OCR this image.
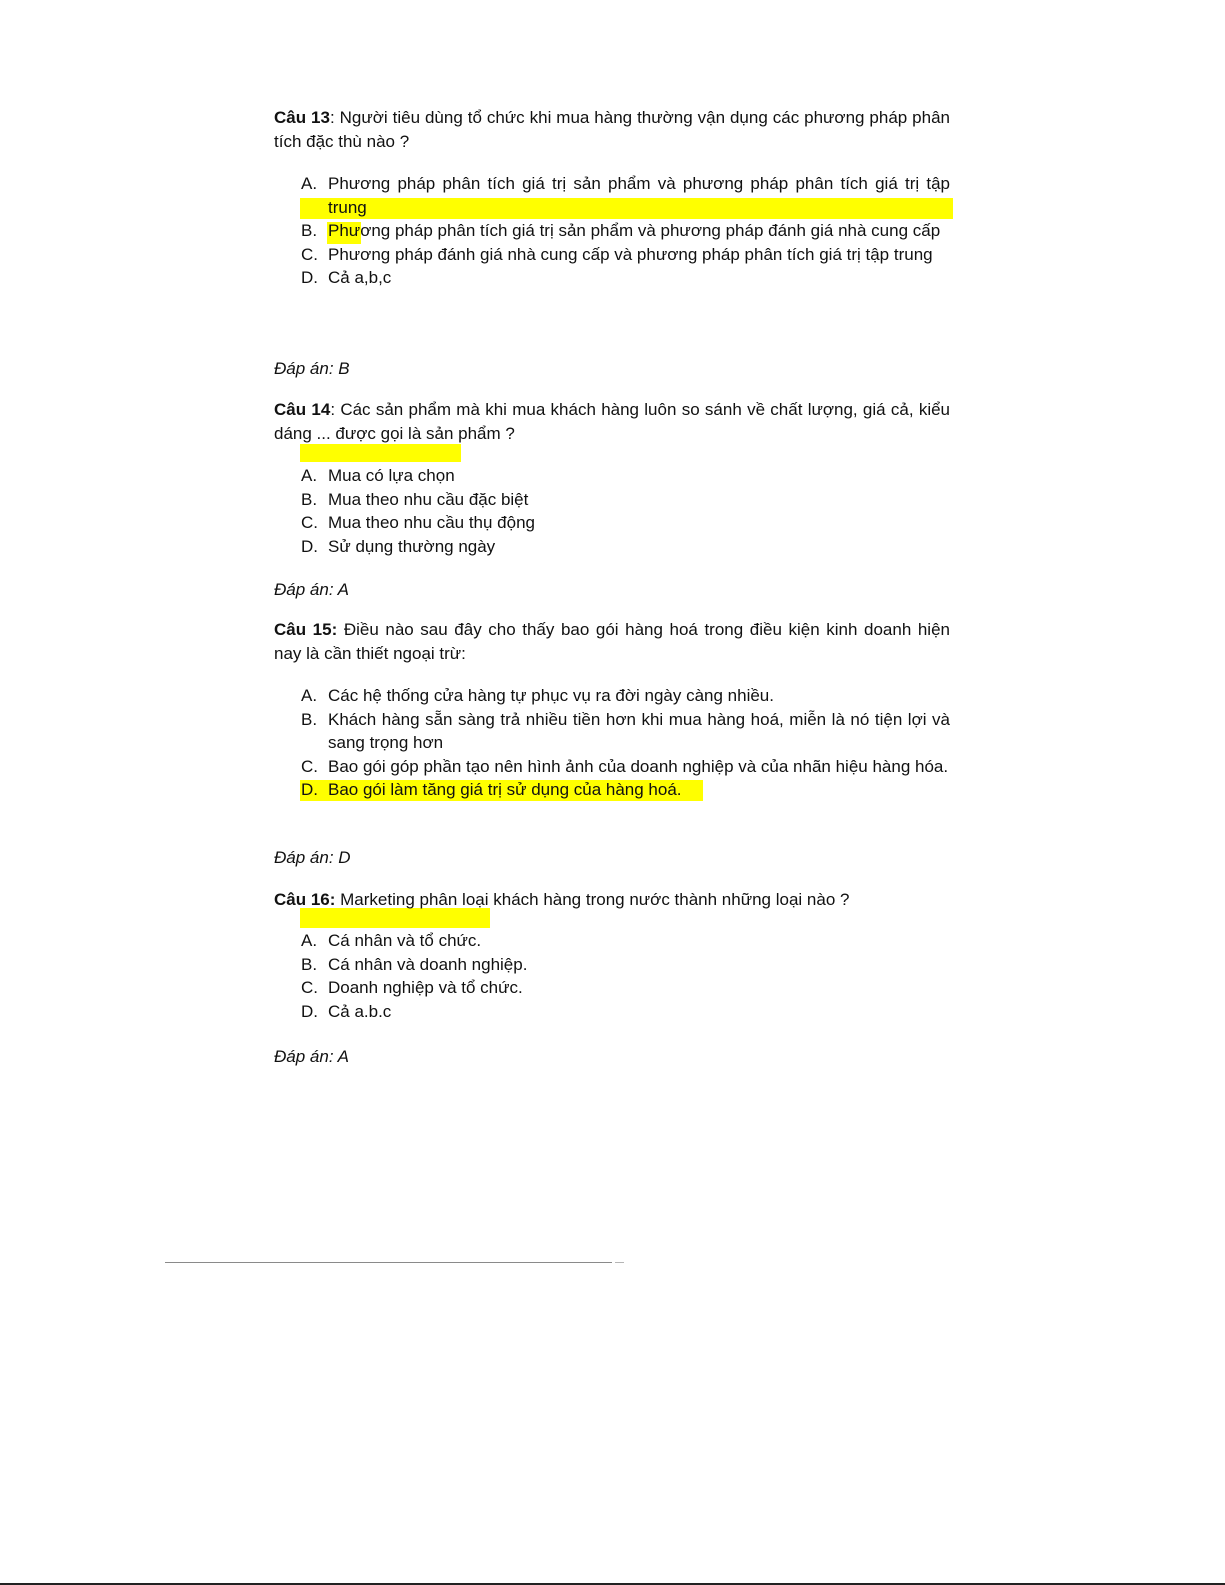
Câu 13: Người tiêu dùng tổ chức khi mua hàng thường vận dụng các phương pháp phân tích đặc thù nào ?

A. Phương pháp phân tích giá trị sản phẩm và phương pháp phân tích giá trị tập trung
B. Phương pháp phân tích giá trị sản phẩm và phương pháp đánh giá nhà cung cấp
C. Phương pháp đánh giá nhà cung cấp và phương pháp phân tích giá trị tập trung
D. Cả a,b,c

Đáp án: B

Câu 14: Các sản phẩm mà khi mua khách hàng luôn so sánh về chất lượng, giá cả, kiểu dáng ... được gọi là sản phẩm ?

A. Mua có lựa chọn
B. Mua theo nhu cầu đặc biệt
C. Mua theo nhu cầu thụ động
D. Sử dụng thường ngày

Đáp án: A

Câu 15: Điều nào sau đây cho thấy bao gói hàng hoá trong điều kiện kinh doanh hiện nay là cần thiết ngoại trừ:

A. Các hệ thống cửa hàng tự phục vụ ra đời ngày càng nhiều.
B. Khách hàng sẵn sàng trả nhiều tiền hơn khi mua hàng hoá, miễn là nó tiện lợi và sang trọng hơn
C. Bao gói góp phần tạo nên hình ảnh của doanh nghiệp và của nhãn hiệu hàng hóa.
D. Bao gói làm tăng giá trị sử dụng của hàng hoá.

Đáp án: D

Câu 16: Marketing phân loại khách hàng trong nước thành những loại nào ?

A. Cá nhân và tổ chức.
B. Cá nhân và doanh nghiệp.
C. Doanh nghiệp và tổ chức.
D. Cả a.b.c

Đáp án: A
